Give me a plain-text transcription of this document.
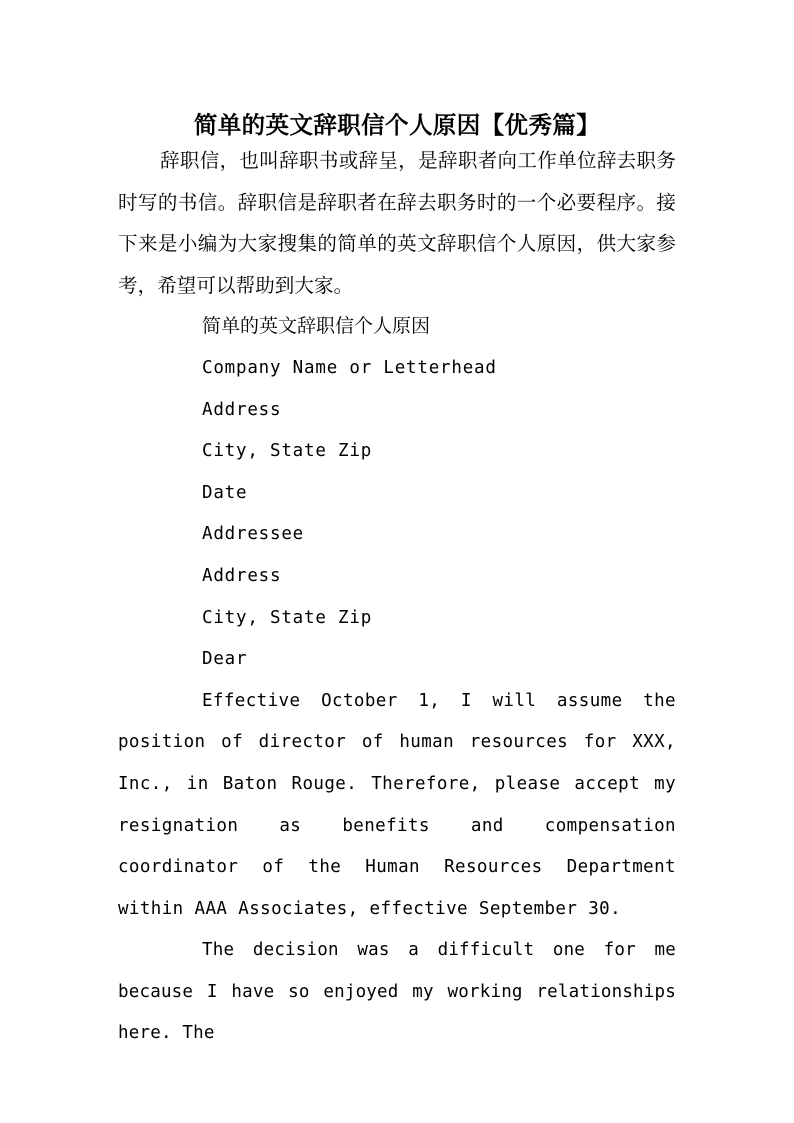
简单的英文辞职信个人原因【优秀篇】

辞职信，也叫辞职书或辞呈，是辞职者向工作单位辞去职务时写的书信。辞职信是辞职者在辞去职务时的一个必要程序。接下来是小编为大家搜集的简单的英文辞职信个人原因，供大家参考，希望可以帮助到大家。

简单的英文辞职信个人原因

Company Name or Letterhead

Address

City, State Zip

Date

Addressee

Address

City, State Zip

Dear

Effective October 1, I will assume the position of director of human resources for XXX, Inc., in Baton Rouge. Therefore, please accept my resignation as benefits and compensation coordinator of the Human Resources Department within AAA Associates, effective September 30.

The decision was a difficult one for me because I have so enjoyed my working relationships here. The
